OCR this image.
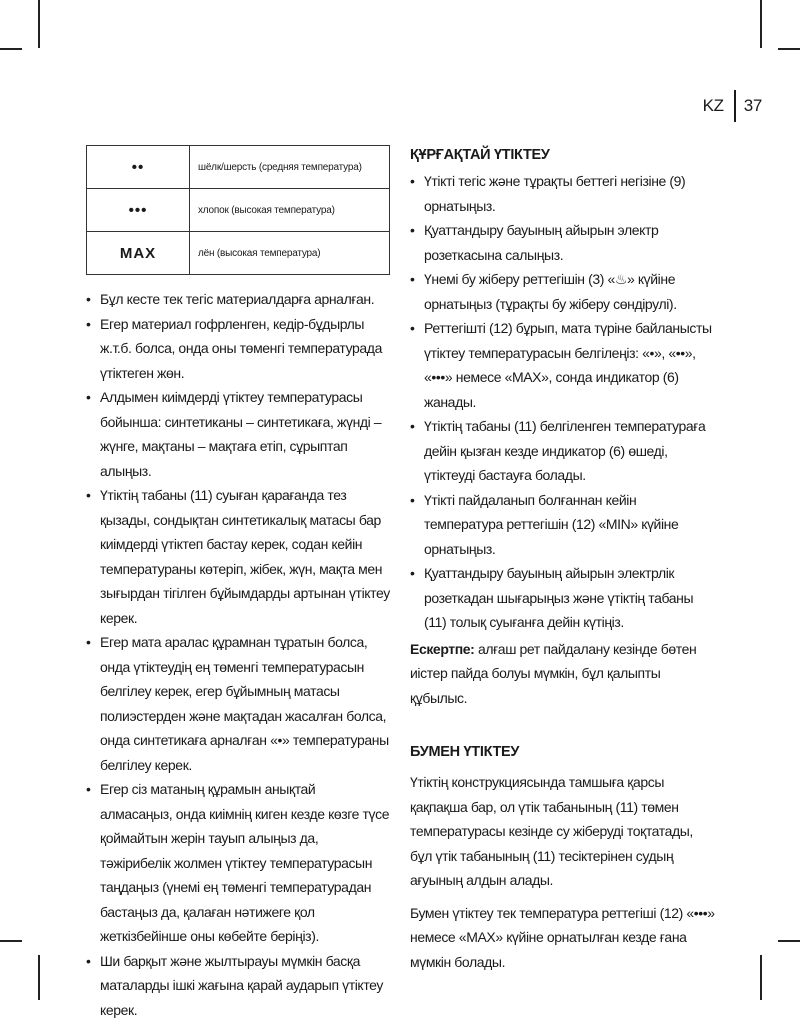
KZ	37
••	шёлк/шерсть (средняя температура)
•••	хлопок (высокая температура)
MAX	лён (высокая температура)
• Бұл кесте тек тегіс материалдарға арналған.
• Егер материал гофрленген, кедір-бұдырлы ж.т.б. болса, онда оны төменгі температурада үтіктеген жөн.
• Алдымен киімдерді үтіктеу температурасы бойынша: синтетиканы – синтетикаға, жүнді – жүнге, мақтаны – мақтаға етіп, сұрыптап алыңыз.
• Үтіктің табаны (11) суыған қарағанда тез қызады, сондықтан синтетикалық матасы бар киімдерді үтіктеп бастау керек, содан кейін температураны көтеріп, жібек, жүн, мақта мен зығырдан тігілген бұйымдарды артынан үтіктеу керек.
• Егер мата аралас құрамнан тұратын болса, онда үтіктеудің ең төменгі температурасын белгілеу керек, егер бұйымның матасы полиэстерден және мақтадан жасалған болса, онда синтетикаға арналған «•» температураны белгілеу керек.
• Егер сіз матаның құрамын анықтай алмасаңыз, онда киімнің киген кезде көзге түсе қоймайтын жерін тауып алыңыз да, тәжірибелік жолмен үтіктеу температурасын таңдаңыз (үнемі ең төменгі температурадан бастаңыз да, қалаған нәтижеге қол жеткізбейінше оны көбейте беріңіз).
• Ши барқыт және жылтырауы мүмкін басқа маталарды ішкі жағына қарай аударып үтіктеу керек.
ҚҰРҒАҚТАЙ ҮТІКТЕУ
• Үтікті тегіс және тұрақты беттегі негізіне (9) орнатыңыз.
• Қуаттандыру бауының айырын электр розеткасына салыңыз.
• Үнемі бу жіберу реттегішін (3) «♨» күйіне орнатыңыз (тұрақты бу жіберу сөндірулі).
• Реттегішті (12) бұрып, мата түріне байланысты үтіктеу температурасын белгілеңіз: «•», «••», «•••» немесе «MAX», сонда индикатор (6) жанады.
• Үтіктің табаны (11) белгіленген температураға дейін қызған кезде индикатор (6) өшеді, үтіктеуді бастауға болады.
• Үтікті пайдаланып болғаннан кейін температура реттегішін (12) «MIN» күйіне орнатыңыз.
• Қуаттандыру бауының айырын электрлік розеткадан шығарыңыз және үтіктің табаны (11) толық суығанға дейін күтіңіз.

Ескертпе: алғаш рет пайдалану кезінде бөтен иістер пайда болуы мүмкін, бұл қалыпты құбылыс.

БУМЕН ҮТІКТЕУ

Үтіктің конструкциясында тамшыға қарсы қақпақша бар, ол үтік табанының (11) төмен температурасы кезінде су жіберуді тоқтатады, бұл үтік табанының (11) тесіктерінен судың ағуының алдын алады.

Бумен үтіктеу тек температура реттегіші (12) «•••» немесе «MAX» күйіне орнатылған кезде ғана мүмкін болады.
